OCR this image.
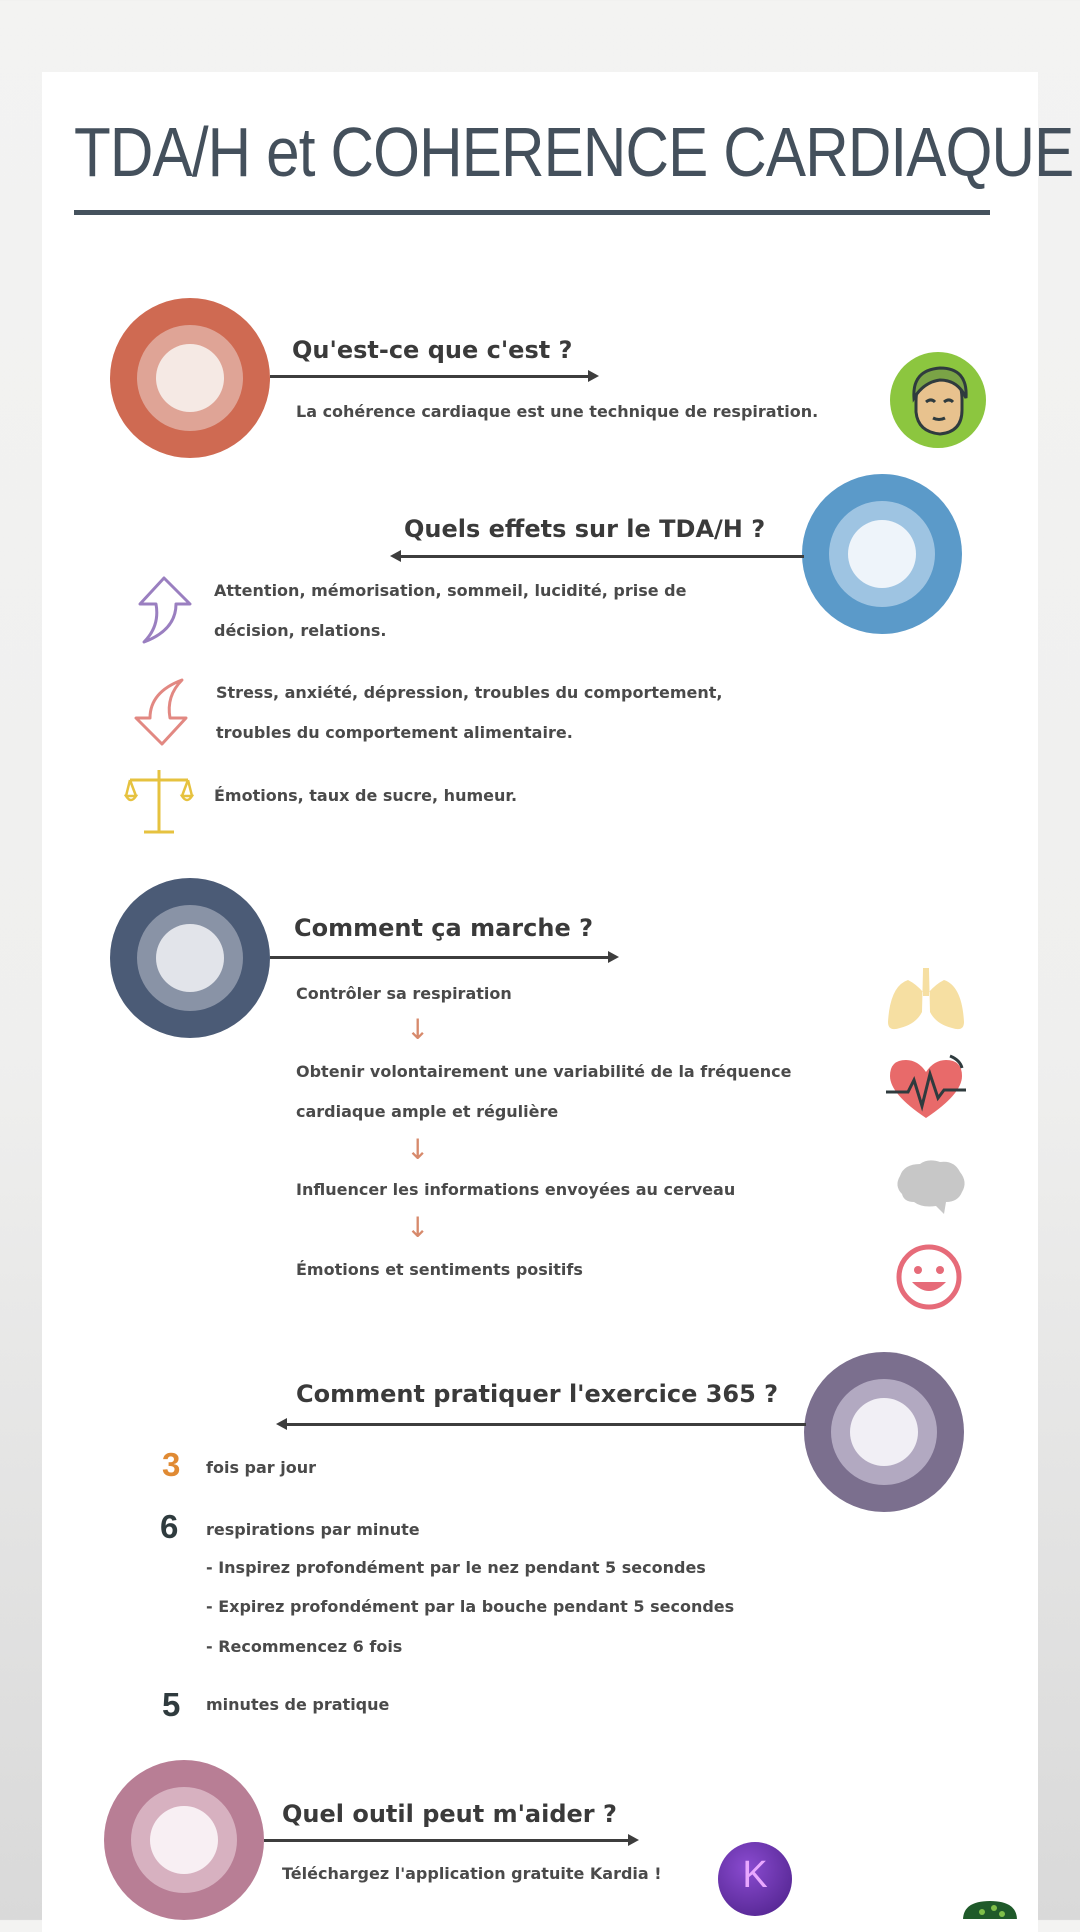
TDA/H et COHERENCE CARDIAQUE
Qu'est-ce que c'est ?
La cohérence cardiaque est une technique de respiration.
Quels effets sur le TDA/H ?
Attention, mémorisation, sommeil, lucidité, prise de
décision, relations.
Stress, anxiété, dépression, troubles du comportement,
troubles du comportement alimentaire.
Émotions, taux de sucre, humeur.
Comment ça marche ?
Contrôler sa respiration
↓
Obtenir volontairement une variabilité de la fréquence
cardiaque ample et régulière
↓
Influencer les informations envoyées au cerveau
↓
Émotions et sentiments positifs
Comment pratiquer l'exercice 365 ?
3 fois par jour
6 respirations par minute
- Inspirez profondément par le nez pendant 5 secondes
- Expirez profondément par la bouche pendant 5 secondes
- Recommencez 6 fois
5 minutes de pratique
Quel outil peut m'aider ?
Téléchargez l'application gratuite Kardia !	K
